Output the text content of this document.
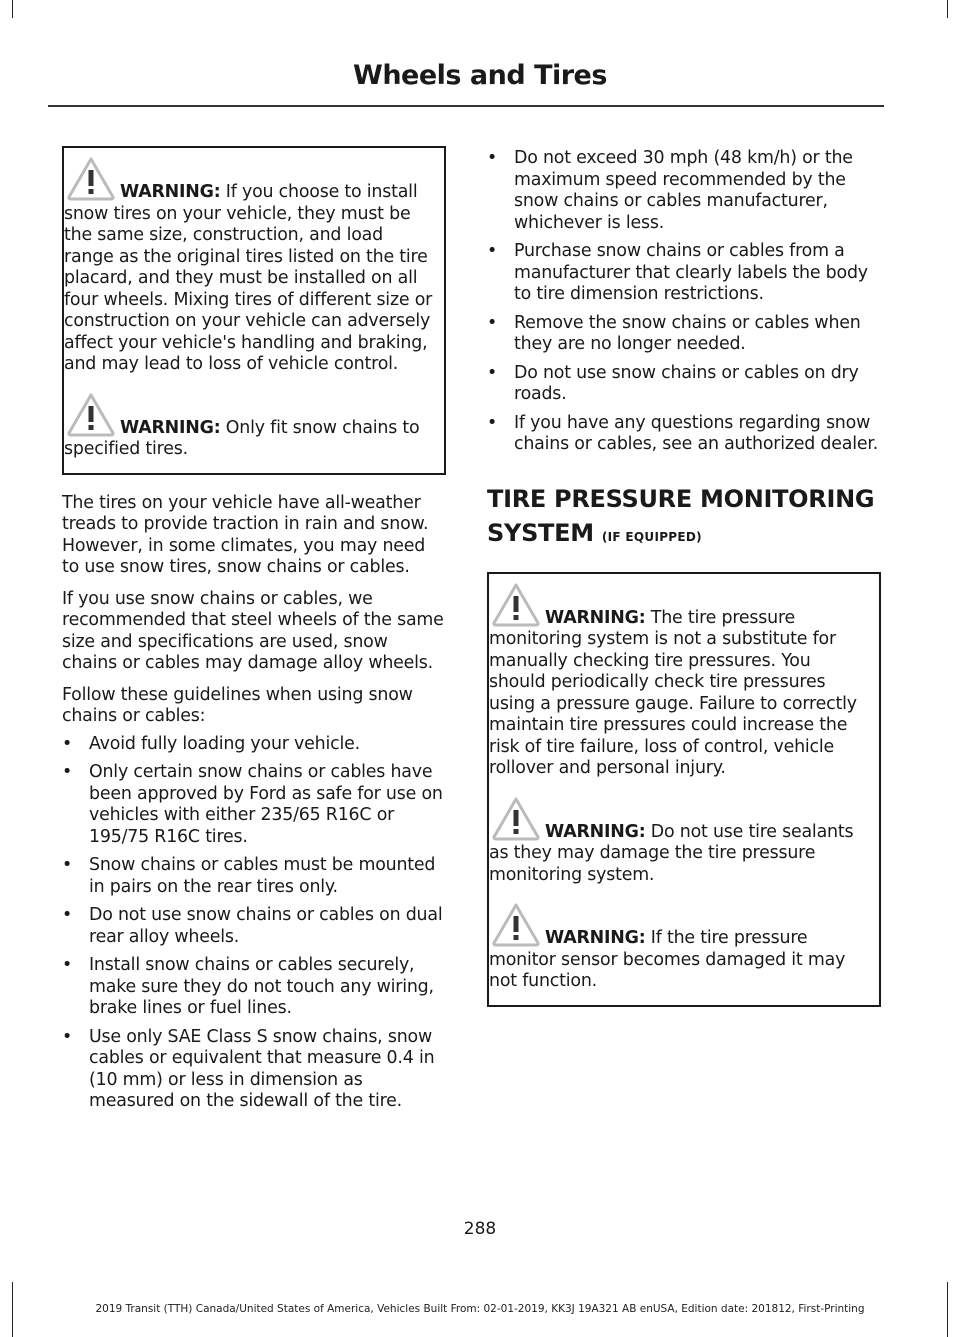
Wheels and Tires

WARNING: If you choose to install snow tires on your vehicle, they must be the same size, construction, and load range as the original tires listed on the tire placard, and they must be installed on all four wheels. Mixing tires of different size or construction on your vehicle can adversely affect your vehicle's handling and braking, and may lead to loss of vehicle control.

WARNING: Only fit snow chains to specified tires.

The tires on your vehicle have all-weather treads to provide traction in rain and snow. However, in some climates, you may need to use snow tires, snow chains or cables.

If you use snow chains or cables, we recommended that steel wheels of the same size and specifications are used, snow chains or cables may damage alloy wheels.

Follow these guidelines when using snow chains or cables:

• Avoid fully loading your vehicle.
• Only certain snow chains or cables have been approved by Ford as safe for use on vehicles with either 235/65 R16C or 195/75 R16C tires.
• Snow chains or cables must be mounted in pairs on the rear tires only.
• Do not use snow chains or cables on dual rear alloy wheels.
• Install snow chains or cables securely, make sure they do not touch any wiring, brake lines or fuel lines.
• Use only SAE Class S snow chains, snow cables or equivalent that measure 0.4 in (10 mm) or less in dimension as measured on the sidewall of the tire.
• Do not exceed 30 mph (48 km/h) or the maximum speed recommended by the snow chains or cables manufacturer, whichever is less.
• Purchase snow chains or cables from a manufacturer that clearly labels the body to tire dimension restrictions.
• Remove the snow chains or cables when they are no longer needed.
• Do not use snow chains or cables on dry roads.
• If you have any questions regarding snow chains or cables, see an authorized dealer.
TIRE PRESSURE MONITORING SYSTEM (IF EQUIPPED)

WARNING: The tire pressure monitoring system is not a substitute for manually checking tire pressures. You should periodically check tire pressures using a pressure gauge. Failure to correctly maintain tire pressures could increase the risk of tire failure, loss of control, vehicle rollover and personal injury.

WARNING: Do not use tire sealants as they may damage the tire pressure monitoring system.

WARNING: If the tire pressure monitor sensor becomes damaged it may not function.

288
2019 Transit (TTH) Canada/United States of America, Vehicles Built From: 02-01-2019, KK3J 19A321 AB enUSA, Edition date: 201812, First-Printing
